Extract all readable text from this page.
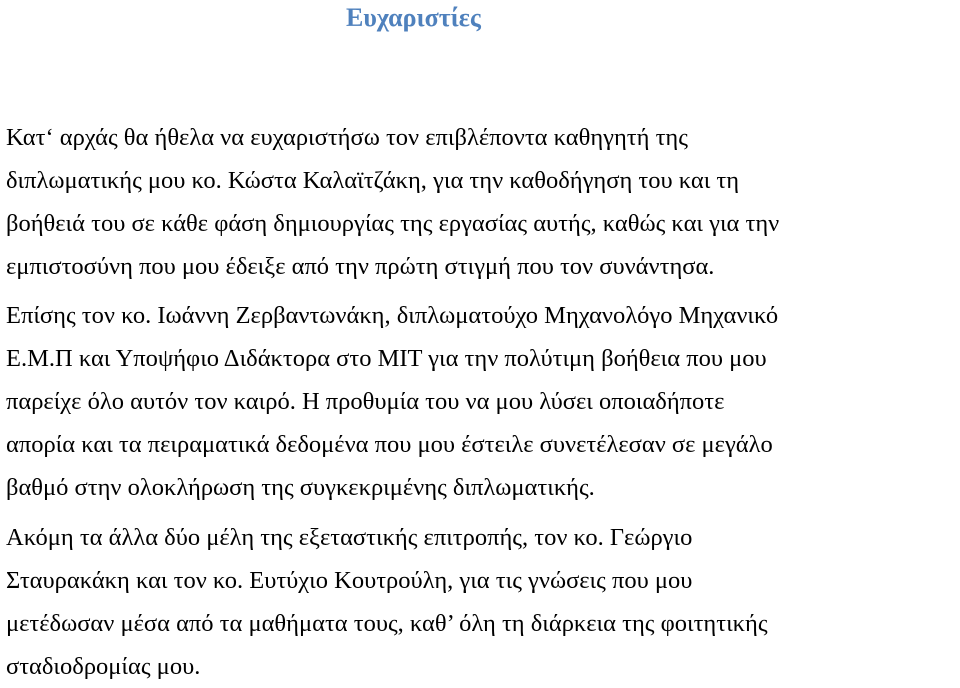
Ευχαριστίες

Κατ‘ αρχάς θα ήθελα να ευχαριστήσω τον επιβλέποντα καθηγητή της
διπλωματικής μου κο. Κώστα Καλαϊτζάκη, για την καθοδήγηση του και τη
βοήθειά του σε κάθε φάση δημιουργίας της εργασίας αυτής, καθώς και για την
εμπιστοσύνη που μου έδειξε από την πρώτη στιγμή που τον συνάντησα.

Επίσης τον κο. Ιωάννη Ζερβαντωνάκη, διπλωματούχο Μηχανολόγο Μηχανικό
Ε.Μ.Π και Υποψήφιο Διδάκτορα στο MIT για την πολύτιμη βοήθεια που μου
παρείχε όλο αυτόν τον καιρό. Η προθυμία του να μου λύσει οποιαδήποτε
απορία και τα πειραματικά δεδομένα που μου έστειλε συνετέλεσαν σε μεγάλο
βαθμό στην ολοκλήρωση της συγκεκριμένης διπλωματικής.

Ακόμη τα άλλα δύο μέλη της εξεταστικής επιτροπής, τον κο. Γεώργιο
Σταυρακάκη και τον κο. Ευτύχιο Κουτρούλη, για τις γνώσεις που μου
μετέδωσαν μέσα από τα μαθήματα τους, καθ’ όλη τη διάρκεια της φοιτητικής
σταδιοδρομίας μου.
